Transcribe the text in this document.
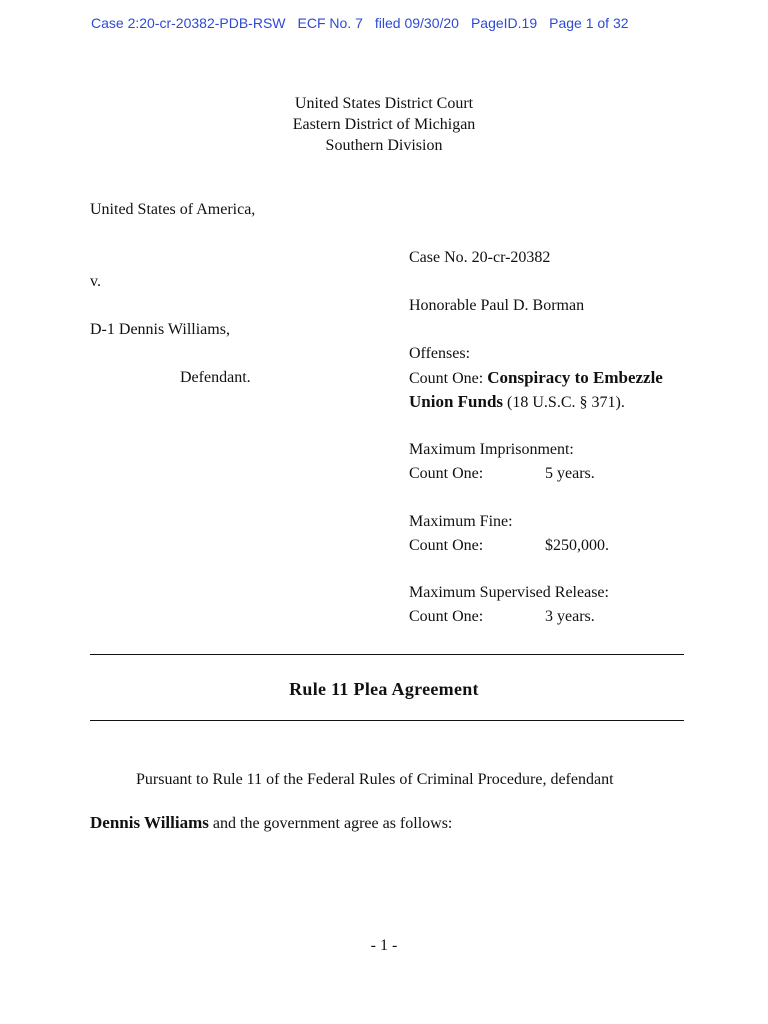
Case 2:20-cr-20382-PDB-RSW ECF No. 7 filed 09/30/20 PageID.19 Page 1 of 32
United States District Court
Eastern District of Michigan
Southern Division
United States of America,
v.
D-1 Dennis Williams,
Defendant.
Case No. 20-cr-20382
Honorable Paul D. Borman
Offenses:
Count One: Conspiracy to Embezzle
Union Funds (18 U.S.C. § 371).
Maximum Imprisonment:
Count One:	5 years.
Maximum Fine:
Count One:	$250,000.
Maximum Supervised Release:
Count One:	3 years.
Rule 11 Plea Agreement
Pursuant to Rule 11 of the Federal Rules of Criminal Procedure, defendant
Dennis Williams and the government agree as follows:
- 1 -
